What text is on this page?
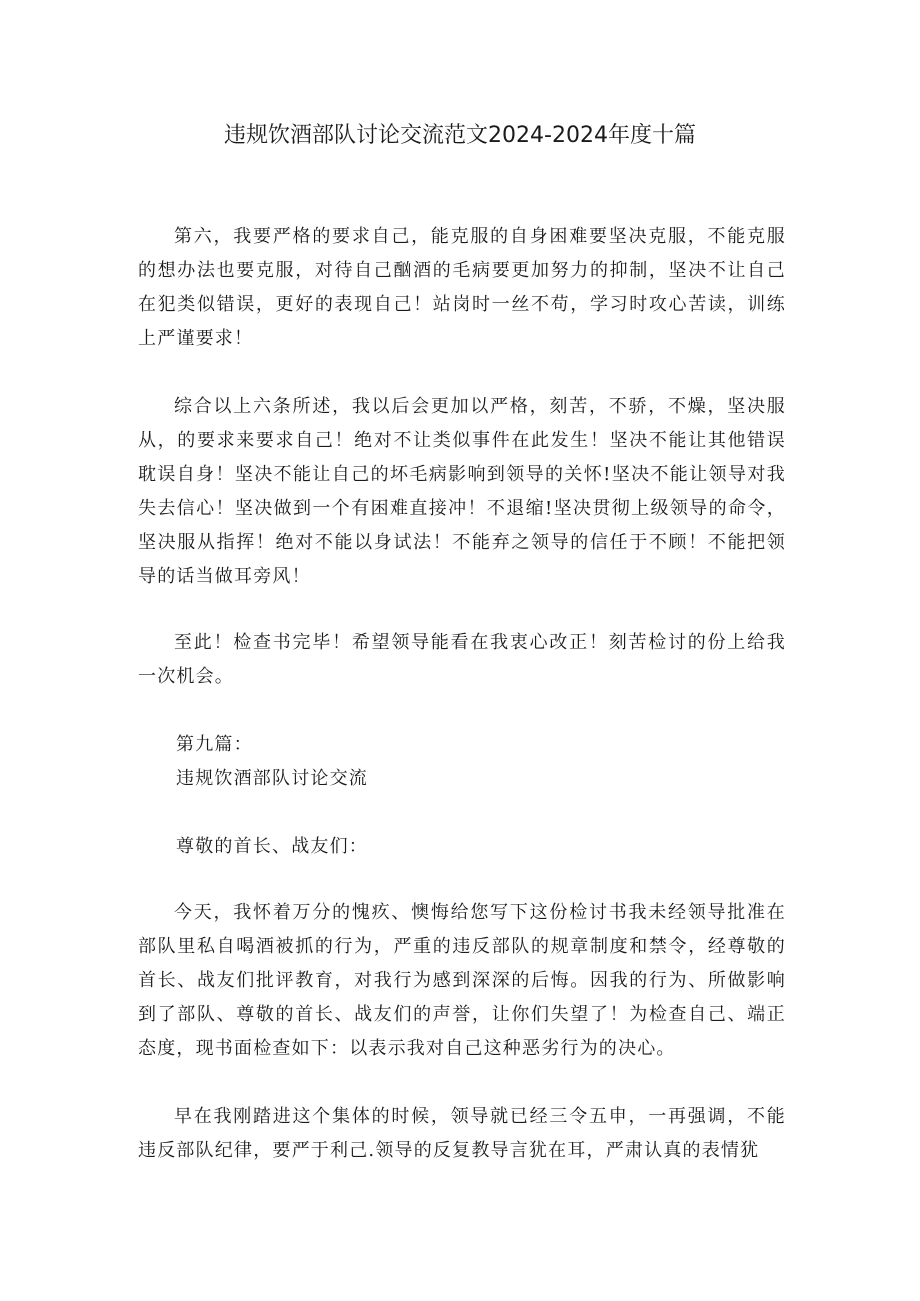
违规饮酒部队讨论交流范文2024-2024年度十篇

第六，我要严格的要求自己，能克服的自身困难要坚决克服，不能克服的想办法也要克服，对待自己酗酒的毛病要更加努力的抑制，坚决不让自己在犯类似错误，更好的表现自己！站岗时一丝不苟，学习时攻心苦读，训练上严谨要求！

综合以上六条所述，我以后会更加以严格，刻苦，不骄，不燥，坚决服从，的要求来要求自己！绝对不让类似事件在此发生！坚决不能让其他错误耽误自身！坚决不能让自己的坏毛病影响到领导的关怀!坚决不能让领导对我失去信心！坚决做到一个有困难直接冲！不退缩!坚决贯彻上级领导的命令，坚决服从指挥！绝对不能以身试法！不能弃之领导的信任于不顾！不能把领导的话当做耳旁风！

至此！检查书完毕！希望领导能看在我衷心改正！刻苦检讨的份上给我一次机会。

第九篇：

违规饮酒部队讨论交流

尊敬的首长、战友们：

今天，我怀着万分的愧疚、懊悔给您写下这份检讨书我未经领导批准在部队里私自喝酒被抓的行为，严重的违反部队的规章制度和禁令，经尊敬的首长、战友们批评教育，对我行为感到深深的后悔。因我的行为、所做影响到了部队、尊敬的首长、战友们的声誉，让你们失望了！为检查自己、端正态度，现书面检查如下：以表示我对自己这种恶劣行为的决心。

早在我刚踏进这个集体的时候，领导就已经三令五申，一再强调，不能违反部队纪律，要严于利己.领导的反复教导言犹在耳，严肃认真的表情犹
